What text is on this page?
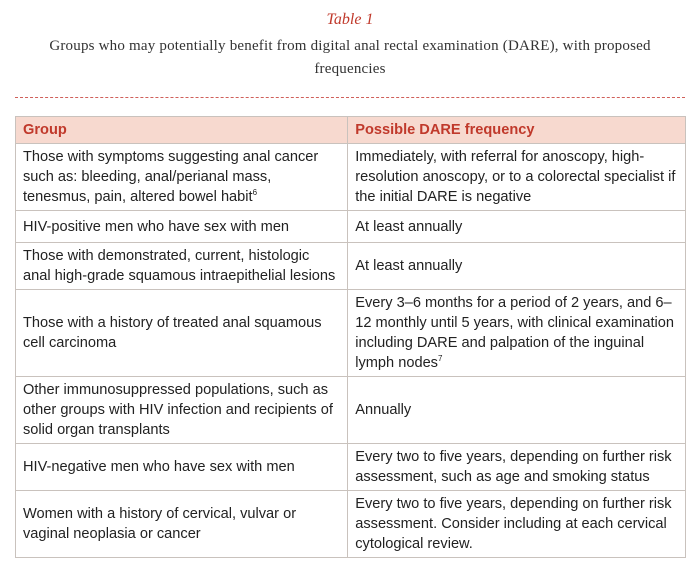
Table 1
Groups who may potentially benefit from digital anal rectal examination (DARE), with proposed frequencies
Group	Possible DARE frequency
Those with symptoms suggesting anal cancer such as: bleeding, anal/perianal mass, tenesmus, pain, altered bowel habit$^6$	Immediately, with referral for anoscopy, high-resolution anoscopy, or to a colorectal specialist if the initial DARE is negative
HIV-positive men who have sex with men	At least annually
Those with demonstrated, current, histologic anal high-grade squamous intraepithelial lesions	At least annually
Those with a history of treated anal squamous cell carcinoma	Every 3–6 months for a period of 2 years, and 6–12 monthly until 5 years, with clinical examination including DARE and palpation of the inguinal lymph nodes$^7$
Other immunosuppressed populations, such as other groups with HIV infection and recipients of solid organ transplants	Annually
HIV-negative men who have sex with men	Every two to five years, depending on further risk assessment, such as age and smoking status
Women with a history of cervical, vulvar or vaginal neoplasia or cancer	Every two to five years, depending on further risk assessment. Consider including at each cervical cytological review.
